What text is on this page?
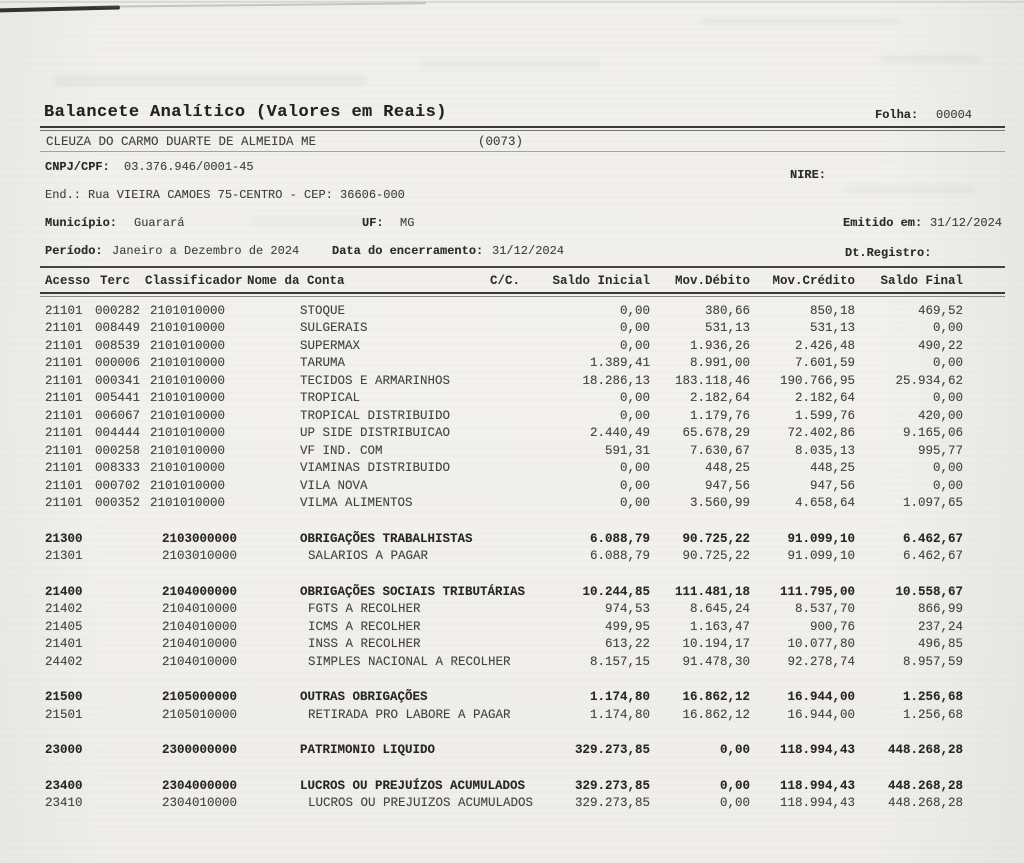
Balancete Analítico (Valores em Reais)	Folha: 00004
CLEUZA DO CARMO DUARTE DE ALMEIDA ME	(0073)
CNPJ/CPF: 03.376.946/0001-45
NIRE:
End.: Rua VIEIRA CAMOES 75-CENTRO - CEP: 36606-000
Município: Guarará	UF: MG	Emitido em: 31/12/2024
Período: Janeiro a Dezembro de 2024	Data do encerramento: 31/12/2024	Dt.Registro:
Acesso Terc	Classificador Nome da Conta	C/C.	Saldo Inicial	Mov.Débito	Mov.Crédito	Saldo Final
21101 000282 2101010000	STOQUE	0,00	380,66	850,18	469,52
21101 008449 2101010000	SULGERAIS	0,00	531,13	531,13	0,00
21101 008539 2101010000	SUPERMAX	0,00	1.936,26	2.426,48	490,22
21101 000006 2101010000	TARUMA	1.389,41	8.991,00	7.601,59	0,00
21101 000341 2101010000	TECIDOS E ARMARINHOS	18.286,13	183.118,46	190.766,95	25.934,62
21101 005441 2101010000	TROPICAL	0,00	2.182,64	2.182,64	0,00
21101 006067 2101010000	TROPICAL DISTRIBUIDO	0,00	1.179,76	1.599,76	420,00
21101 004444 2101010000	UP SIDE DISTRIBUICAO	2.440,49	65.678,29	72.402,86	9.165,06
21101 000258 2101010000	VF IND. COM	591,31	7.630,67	8.035,13	995,77
21101 008333 2101010000	VIAMINAS DISTRIBUIDO	0,00	448,25	448,25	0,00
21101 000702 2101010000	VILA NOVA	0,00	947,56	947,56	0,00
21101 000352 2101010000	VILMA ALIMENTOS	0,00	3.560,99	4.658,64	1.097,65
21300	2103000000	OBRIGAÇÕES TRABALHISTAS	6.088,79	90.725,22	91.099,10	6.462,67
21301	2103010000	SALARIOS A PAGAR	6.088,79	90.725,22	91.099,10	6.462,67
21400	2104000000	OBRIGAÇÕES SOCIAIS TRIBUTÁRIAS	10.244,85	111.481,18	111.795,00	10.558,67
21402	2104010000	FGTS A RECOLHER	974,53	8.645,24	8.537,70	866,99
21405	2104010000	ICMS A RECOLHER	499,95	1.163,47	900,76	237,24
21401	2104010000	INSS A RECOLHER	613,22	10.194,17	10.077,80	496,85
24402	2104010000	SIMPLES NACIONAL A RECOLHER	8.157,15	91.478,30	92.278,74	8.957,59
21500	2105000000	OUTRAS OBRIGAÇÕES	1.174,80	16.862,12	16.944,00	1.256,68
21501	2105010000	RETIRADA PRO LABORE A PAGAR	1.174,80	16.862,12	16.944,00	1.256,68
23000	2300000000	PATRIMONIO LIQUIDO	329.273,85	0,00	118.994,43	448.268,28
23400	2304000000	LUCROS OU PREJUÍZOS ACUMULADOS	329.273,85	0,00	118.994,43	448.268,28
23410	2304010000	LUCROS OU PREJUIZOS ACUMULADOS	329.273,85	0,00	118.994,43	448.268,28
